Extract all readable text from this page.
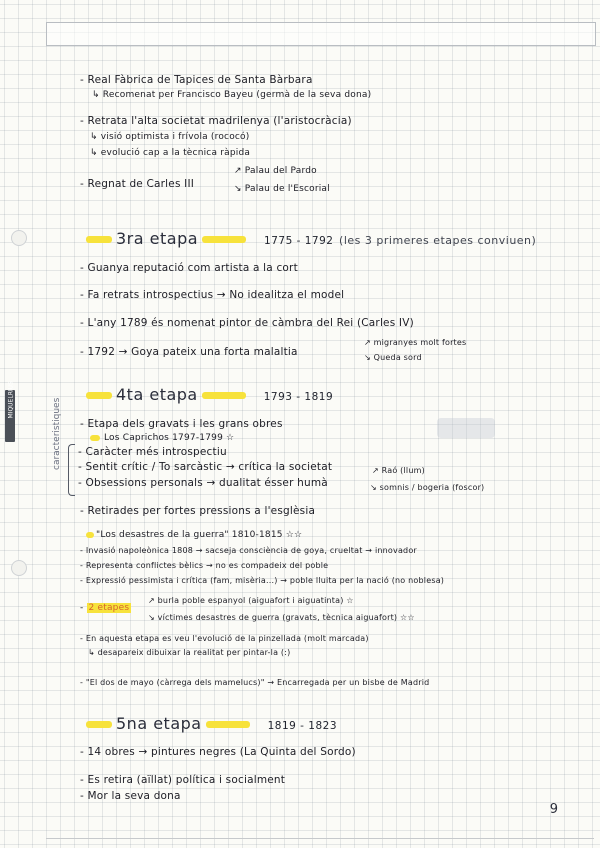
MIQUELRIUS
- Real Fàbrica de Tapices de Santa Bàrbara
↳ Recomenat per Francisco Bayeu (germà de la seva dona)
- Retrata l'alta societat madrilenya (l'aristocràcia)
↳ visió optimista i frívola (rococó)
↳ evolució cap a la tècnica ràpida
- Regnat de Carles III
↗ Palau del Pardo
↘ Palau de l'Escorial
3ra etapa	1775 - 1792 (les 3 primeres etapes conviuen)
- Guanya reputació com artista a la cort
- Fa retrats introspectius → No idealitza el model
- L'any 1789 és nomenat pintor de càmbra del Rei (Carles IV)
- 1792 → Goya pateix una forta malaltia
↗ migranyes molt fortes
↘ Queda sord
4ta etapa	1793 - 1819
- Etapa dels gravats i les grans obres
Los Caprichos 1797-1799 ☆
caracteristiques - Caràcter més introspectiu
- Sentit crític / To sarcàstic → crítica la societat	↗ Raó (llum)
- Obsessions personals → dualitat ésser humà	↘ somnis / bogeria (foscor)
- Retirades per fortes pressions a l'esglèsia
"Los desastres de la guerra" 1810-1815 ☆☆
- Invasió napoleònica 1808 → sacseja consciència de goya, crueltat → innovador
- Representa conflictes bèlics → no es compadeix del poble
- Expressió pessimista i crítica (fam, misèria...) → poble lluita per la nació (no noblesa)
- 2 etapes
↗ burla poble espanyol (aiguafort i aiguatinta) ☆
↘ víctimes desastres de guerra (gravats, tècnica aiguafort) ☆☆
- En aquesta etapa es veu l'evolució de la pinzellada (molt marcada)
↳ desapareix dibuixar la realitat per pintar-la (:)
- "El dos de mayo (càrrega dels mamelucs)" → Encarregada per un bisbe de Madrid
5na etapa	1819 - 1823
- 14 obres → pintures negres (La Quinta del Sordo)
- Es retira (aïllat) política i socialment
- Mor la seva dona
9
